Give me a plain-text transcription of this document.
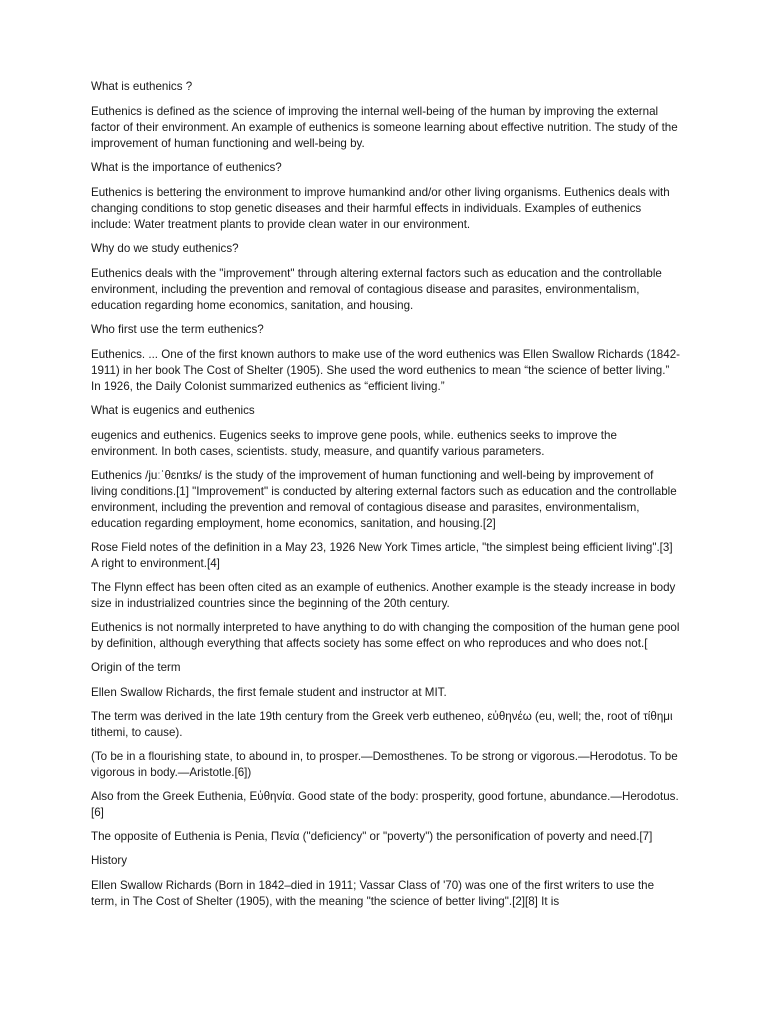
What is euthenics ?

Euthenics is defined as the science of improving the internal well-being of the human by improving the external factor of their environment. An example of euthenics is someone learning about effective nutrition. The study of the improvement of human functioning and well-being by.

What is the importance of euthenics?

Euthenics is bettering the environment to improve humankind and/or other living organisms. Euthenics deals with changing conditions to stop genetic diseases and their harmful effects in individuals. Examples of euthenics include: Water treatment plants to provide clean water in our environment.

Why do we study euthenics?

Euthenics deals with the "improvement" through altering external factors such as education and the controllable environment, including the prevention and removal of contagious disease and parasites, environmentalism, education regarding home economics, sanitation, and housing.

Who first use the term euthenics?

Euthenics. ... One of the first known authors to make use of the word euthenics was Ellen Swallow Richards (1842-1911) in her book The Cost of Shelter (1905). She used the word euthenics to mean “the science of better living.” In 1926, the Daily Colonist summarized euthenics as “efficient living.”

What is eugenics and euthenics

eugenics and euthenics. Eugenics seeks to improve gene pools, while. euthenics seeks to improve the environment. In both cases, scientists. study, measure, and quantify various parameters.

Euthenics /juːˈθɛnɪks/ is the study of the improvement of human functioning and well-being by improvement of living conditions.[1] "Improvement" is conducted by altering external factors such as education and the controllable environment, including the prevention and removal of contagious disease and parasites, environmentalism, education regarding employment, home economics, sanitation, and housing.[2]

Rose Field notes of the definition in a May 23, 1926 New York Times article, "the simplest being efficient living".[3] A right to environment.[4]

The Flynn effect has been often cited as an example of euthenics. Another example is the steady increase in body size in industrialized countries since the beginning of the 20th century.

Euthenics is not normally interpreted to have anything to do with changing the composition of the human gene pool by definition, although everything that affects society has some effect on who reproduces and who does not.[

Origin of the term

Ellen Swallow Richards, the first female student and instructor at MIT.

The term was derived in the late 19th century from the Greek verb eutheneo, εὐθηνέω (eu, well; the, root of τίθημι tithemi, to cause).

(To be in a flourishing state, to abound in, to prosper.—Demosthenes. To be strong or vigorous.—Herodotus. To be vigorous in body.—Aristotle.[6])

Also from the Greek Euthenia, Εὐθηνία. Good state of the body: prosperity, good fortune, abundance.—Herodotus.[6]

The opposite of Euthenia is Penia, Πενία ("deficiency" or "poverty") the personification of poverty and need.[7]

History

Ellen Swallow Richards (Born in 1842–died in 1911; Vassar Class of '70) was one of the first writers to use the term, in The Cost of Shelter (1905), with the meaning "the science of better living".[2][8] It is
